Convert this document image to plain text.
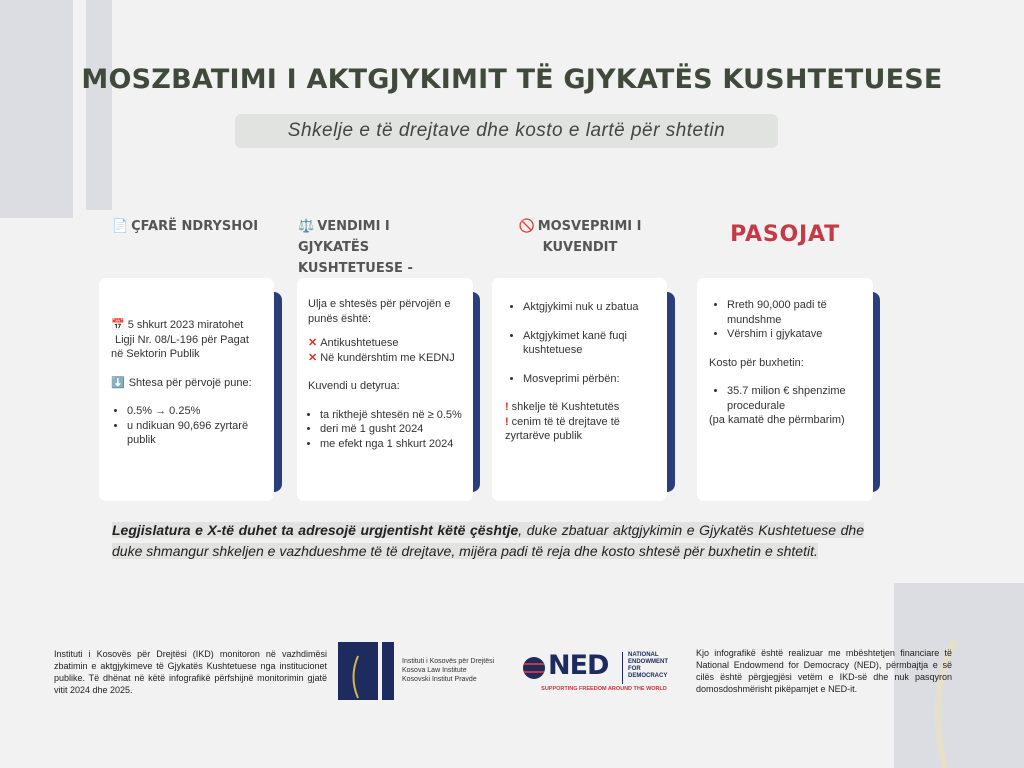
MOSZBATIMI I AKTGJYKIMIT TË GJYKATËS KUSHTETUESE
Shkelje e të drejtave dhe kosto e lartë për shtetin
📄 ÇFARË NDRYSHOI	⚖️ VENDIMI I GJYKATËS
KUSHTETUESE -
🚫 MOSVEPRIMI I
KUVENDIT
PASOJAT
📅 5 shkurt 2023 miratohet
Ligji Nr. 08/L-196 për Pagat
në Sektorin Publik
⬇️ Shtesa për përvojë pune:
• 0.5% → 0.25%
• u ndikuan 90,696 zyrtarë publik
Ulja e shtesës për përvojën e punës është:
✕ Antikushtetuese
✕ Në kundërshtim me KEDNJ
Kuvendi u detyrua:
• ta rikthejë shtesën në ≥ 0.5%
• deri më 1 gusht 2024
• me efekt nga 1 shkurt 2024
• Aktgjykimi nuk u zbatua
• Aktgjykimet kanë fuqi kushtetuese
• Mosveprimi përbën:
! shkelje të Kushtetutës
! cenim të të drejtave të zyrtarëve publik
• Rreth 90,000 padi të mundshme
• Vërshim i gjykatave
Kosto për buxhetin:
• 35.7 milion € shpenzime procedurale
(pa kamatë dhe përmbarim)
Legjislatura e X-të duhet ta adresojë urgjentisht këtë çështje, duke zbatuar aktgjykimin e Gjykatës Kushtetuese dhe duke shmangur shkeljen e vazhdueshme të të drejtave, mijëra padi të reja dhe kosto shtesë për buxhetin e shtetit.
Instituti i Kosovës për Drejtësi (IKD) monitoron në vazhdimësi zbatimin e aktgjykimeve të Gjykatës Kushtetuese nga institucionet publike. Të dhënat në këtë infografikë përfshijnë monitorimin gjatë vitit 2024 dhe 2025.
Instituti i Kosovës për Drejtësi
Kosova Law Institute
Kosovski Institut Pravde	NED	NATIONAL
ENDOWMENT
FOR
DEMOCRACY
SUPPORTING FREEDOM AROUND THE WORLD
Kjo infografikë është realizuar me mbështetjen financiare të National Endowmend for Democracy (NED), përmbajtja e së cilës është përgjegjësi vetëm e IKD-së dhe nuk pasqyron domosdoshmërisht pikëpamjet e NED-it.
